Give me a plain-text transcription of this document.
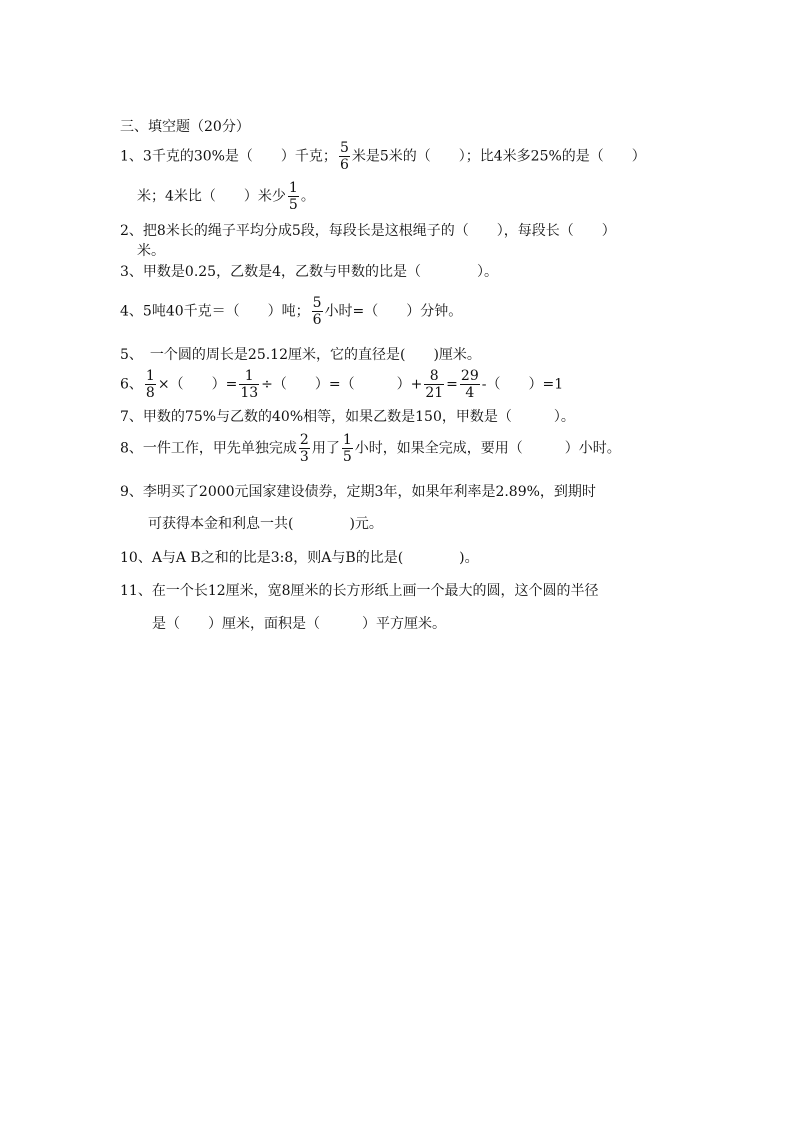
三、填空题（20分）
1、3千克的30%是（　　）千克； $\frac{5}{6}$ 米是5米的（　　）；比4米多25%的是（　　）
米；4米比（　　）米少 $\frac{1}{5}$ 。
2、把8米长的绳子平均分成5段，每段长是这根绳子的（　　），每段长（　　）
米。
3、甲数是0.25，乙数是4，乙数与甲数的比是（　　　　）。
4、5吨40千克＝（　　）吨； $\frac{5}{6}$ 小时=（　　）分钟。
5、　一个圆的周长是25.12厘米，它的直径是(　　)厘米。
6、 $\frac{1}{8}$ ×（　　）= $\frac{1}{13}$ ÷（　　）=（　　　）+ $\frac{8}{21} = \frac{29}{4}$ -（　　）=1
7、甲数的75%与乙数的40%相等，如果乙数是150，甲数是（　　　）。
8、一件工作，甲先单独完成 $\frac{2}{3}$ 用了 $\frac{1}{5}$ 小时，如果全完成，要用（　　　）小时。
9、李明买了2000元国家建设债券，定期3年，如果年利率是2.89%，到期时
可获得本金和利息一共(　　　　)元。
10、A与A B之和的比是3:8，则A与B的比是(　　　　)。
11、在一个长12厘米，宽8厘米的长方形纸上画一个最大的圆，这个圆的半径
是（　　）厘米，面积是（　　　）平方厘米。
